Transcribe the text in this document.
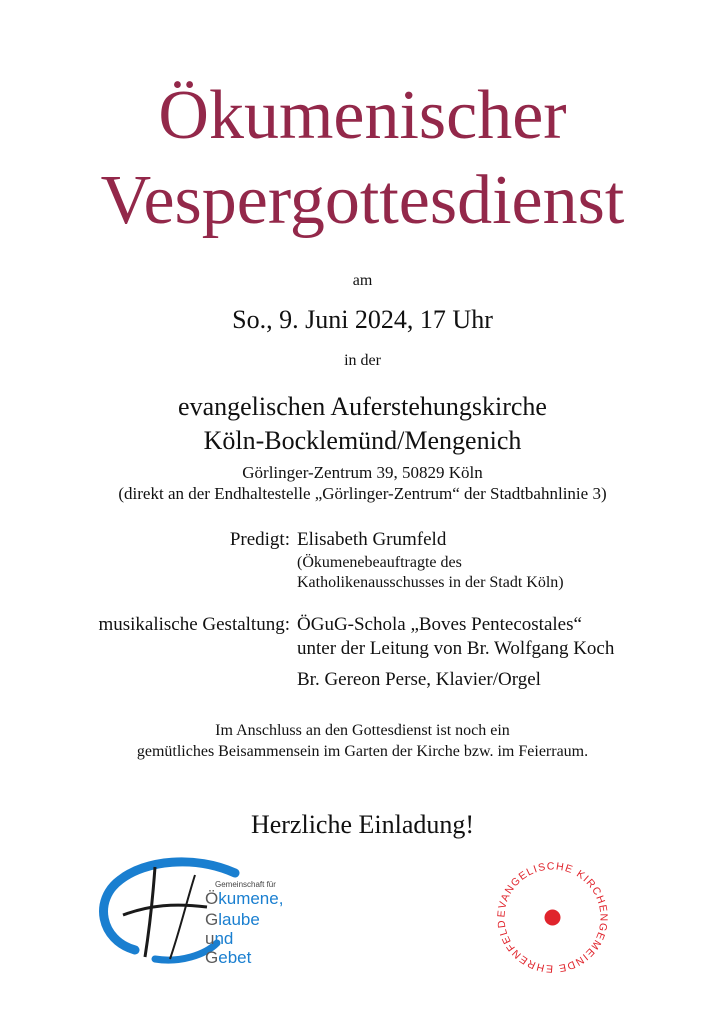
Ökumenischer
Vespergottesdienst
am
So., 9. Juni 2024, 17 Uhr
in der
evangelischen Auferstehungskirche
Köln-Bocklemünd/Mengenich
Görlinger-Zentrum 39, 50829 Köln
(direkt an der Endhaltestelle „Görlinger-Zentrum“ der Stadtbahnlinie 3)
Predigt: Elisabeth Grumfeld
(Ökumenebeauftragte des
Katholikenausschusses in der Stadt Köln)
musikalische Gestaltung: ÖGuG-Schola „Boves Pentecostales“
unter der Leitung von Br. Wolfgang Koch
Br. Gereon Perse, Klavier/Orgel
Im Anschluss an den Gottesdienst ist noch ein
gemütliches Beisammensein im Garten der Kirche bzw. im Feierraum.
Herzliche Einladung!
Gemeinschaft für
Ökumene,
Glaube
und
Gebet
EVANGELISCHE KIRCHENGEMEINDE EHRENFELD
